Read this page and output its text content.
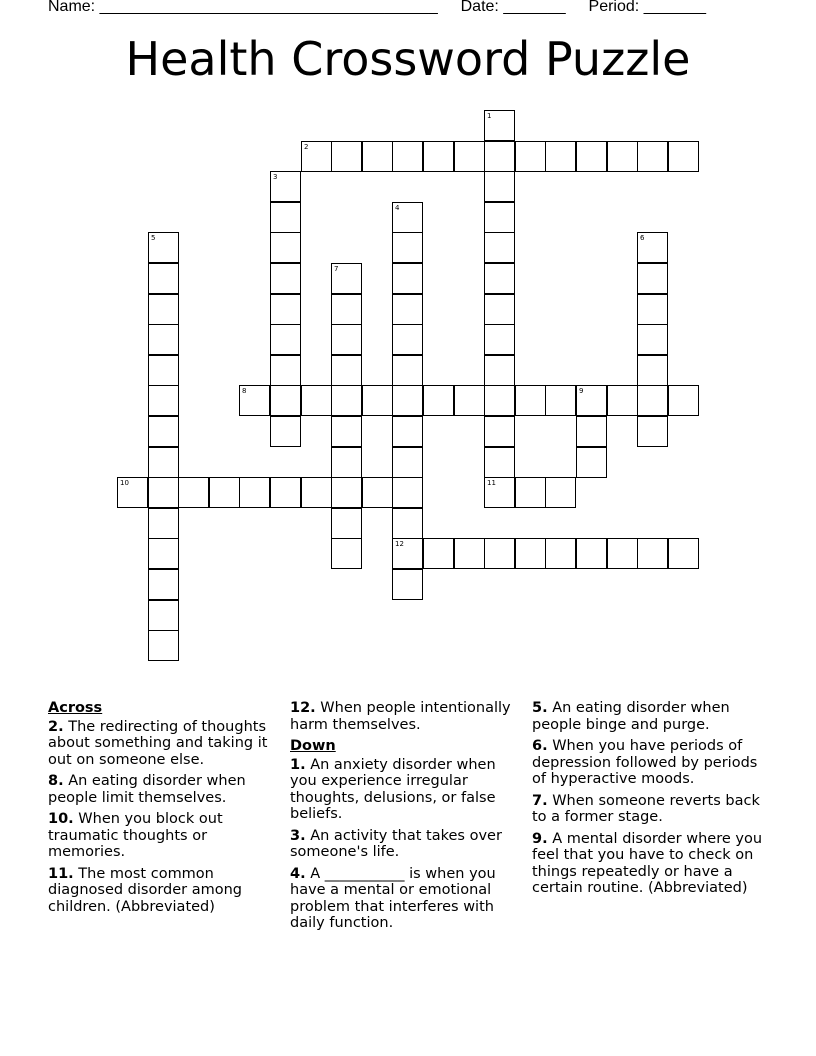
Name: ______________________________________ Date: _______ Period: _______
Health Crossword Puzzle
2
8	9
10	11
12
1
3
4
5	6
7
Across
2. The redirecting of thoughts about something and taking it out on someone else.
8. An eating disorder when people limit themselves.
10. When you block out traumatic thoughts or memories.
11. The most common diagnosed disorder among children. (Abbreviated)
12. When people intentionally harm themselves.
Down
1. An anxiety disorder when you experience irregular thoughts, delusions, or false beliefs.
3. An activity that takes over someone's life.
4. A ___________ is when you have a mental or emotional problem that interferes with daily function.
5. An eating disorder when people binge and purge.
6. When you have periods of depression followed by periods of hyperactive moods.
7. When someone reverts back to a former stage.
9. A mental disorder where you feel that you have to check on things repeatedly or have a certain routine. (Abbreviated)
